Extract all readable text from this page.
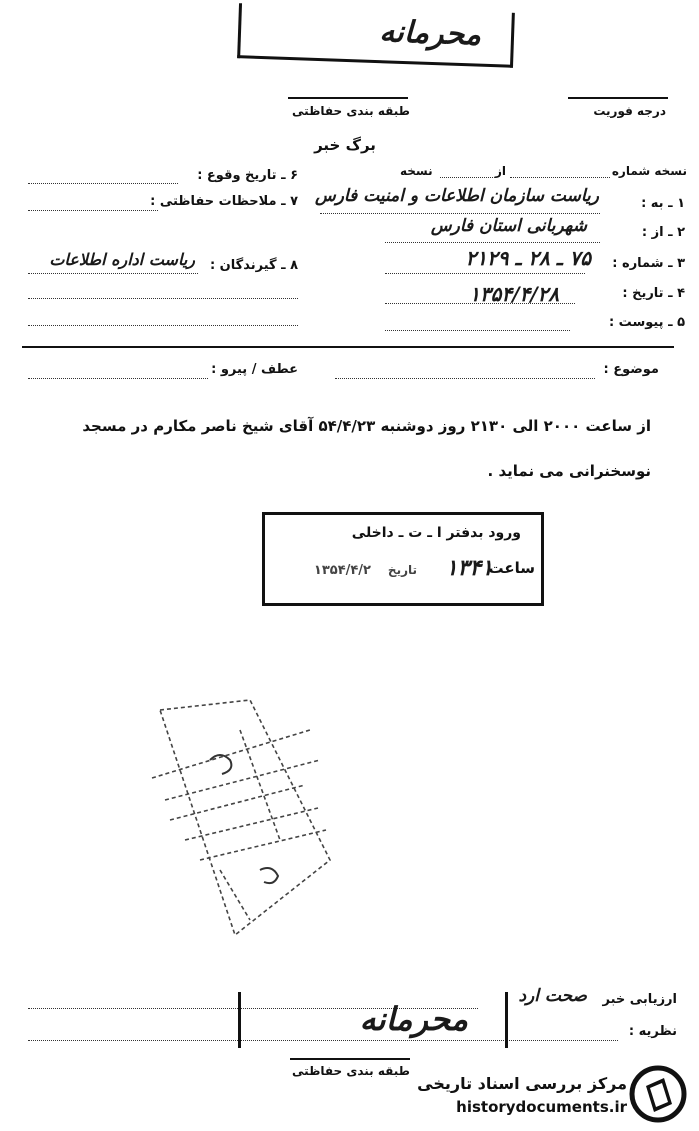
محرمانه
طبقه بندی حفاظتی	درجه فوریت
برگ خبر
نسخه شماره
از
نسخه
۱ ـ به :
ریاست سازمان اطلاعات و امنیت فارس
۲ ـ از :
شهربانی استان فارس
۳ ـ شماره :
۷۵ ـ ۲۸ ـ ۲۱۲۹
۴ ـ تاریخ :
۱۳۵۴/۴/۲۸
۵ ـ پیوست :
۶ ـ تاریخ وقوع :
۷ ـ ملاحظات حفاظتی :
۸ ـ گیرندگان :
ریاست اداره اطلاعات
موضوع :
عطف / پیرو :
از ساعت ۲۰۰۰ الی ۲۱۳۰ روز دوشنبه ۵۴/۴/۲۳ آقای شیخ ناصر مکارم در مسجد
نوسخنرانی می نماید .
ورود بدفتر ا ـ ت ـ داخلی
ساعت
۱۳۴۱
تاریخ
۱۳۵۴/۴/۲
ارزیابی خبر
صحت ارد
نظریه :
محرمانه
طبقه بندی حفاظتی
مرکز بررسی اسناد تاریخی
historydocuments.ir
